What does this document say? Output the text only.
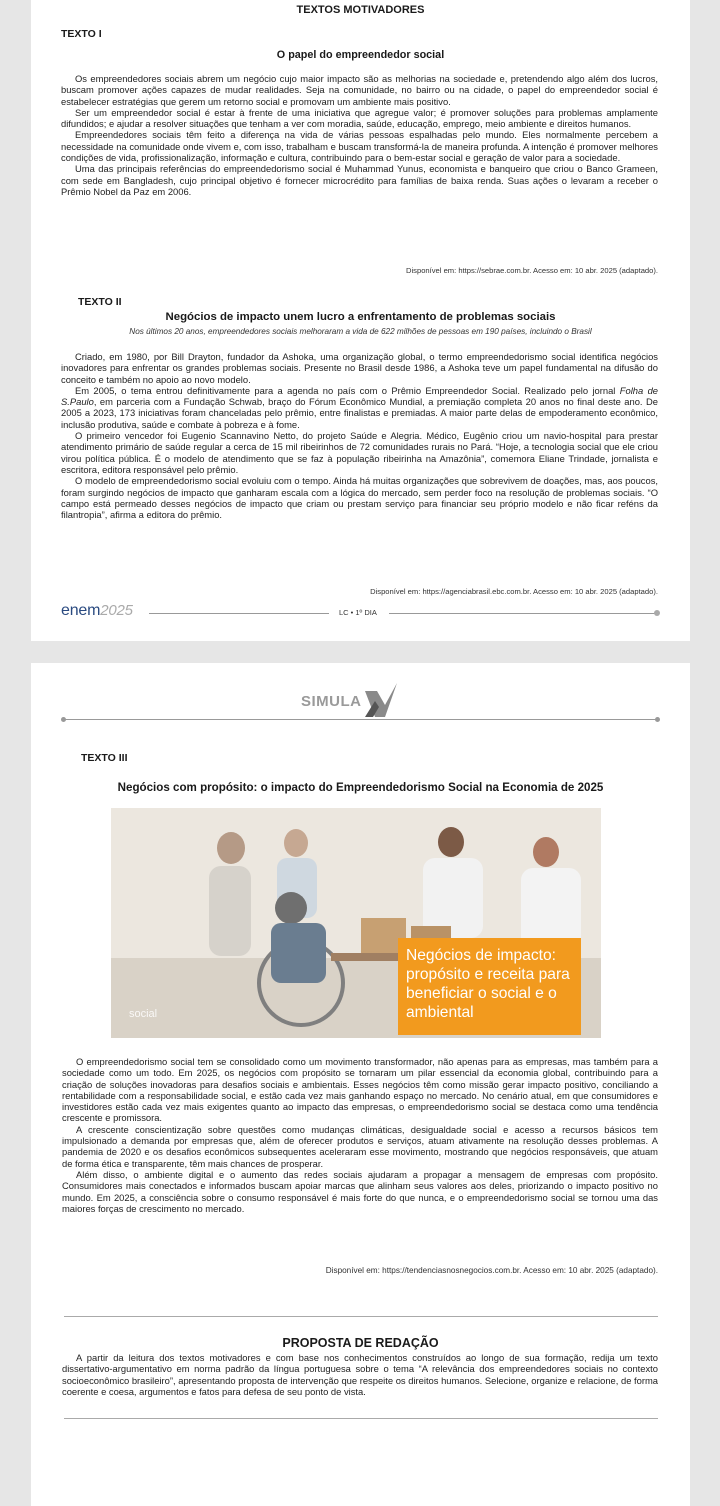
TEXTOS MOTIVADORES
TEXTO I
O papel do empreendedor social

Os empreendedores sociais abrem um negócio cujo maior impacto são as melhorias na sociedade e, pretendendo algo além dos lucros, buscam promover ações capazes de mudar realidades. Seja na comunidade, no bairro ou na cidade, o papel do empreendedor social é estabelecer estratégias que gerem um retorno social e promovam um ambiente mais positivo.

Ser um empreendedor social é estar à frente de uma iniciativa que agregue valor; é promover soluções para problemas amplamente difundidos; e ajudar a resolver situações que tenham a ver com moradia, saúde, educação, emprego, meio ambiente e direitos humanos.

Empreendedores sociais têm feito a diferença na vida de várias pessoas espalhadas pelo mundo. Eles normalmente percebem a necessidade na comunidade onde vivem e, com isso, trabalham e buscam transformá-la de maneira profunda. A intenção é promover melhores condições de vida, profissionalização, informação e cultura, contribuindo para o bem-estar social e geração de valor para a sociedade.

Uma das principais referências do empreendedorismo social é Muhammad Yunus, economista e banqueiro que criou o Banco Grameen, com sede em Bangladesh, cujo principal objetivo é fornecer microcrédito para famílias de baixa renda. Suas ações o levaram a receber o Prêmio Nobel da Paz em 2006.

Disponível em: https://sebrae.com.br. Acesso em: 10 abr. 2025 (adaptado).
TEXTO II
Negócios de impacto unem lucro a enfrentamento de problemas sociais
Nos últimos 20 anos, empreendedores sociais melhoraram a vida de 622 milhões de pessoas em 190 países, incluindo o Brasil

Criado, em 1980, por Bill Drayton, fundador da Ashoka, uma organização global, o termo empreendedorismo social identifica negócios inovadores para enfrentar os grandes problemas sociais. Presente no Brasil desde 1986, a Ashoka teve um papel fundamental na difusão do conceito e também no apoio ao novo modelo.

Em 2005, o tema entrou definitivamente para a agenda no país com o Prêmio Empreendedor Social. Realizado pelo jornal Folha de S.Paulo, em parceria com a Fundação Schwab, braço do Fórum Econômico Mundial, a premiação completa 20 anos no final deste ano. De 2005 a 2023, 173 iniciativas foram chanceladas pelo prêmio, entre finalistas e premiadas. A maior parte delas de empoderamento econômico, inclusão produtiva, saúde e combate à pobreza e à fome.

O primeiro vencedor foi Eugenio Scannavino Netto, do projeto Saúde e Alegria. Médico, Eugênio criou um navio-hospital para prestar atendimento primário de saúde regular a cerca de 15 mil ribeirinhos de 72 comunidades rurais no Pará. “Hoje, a tecnologia social que ele criou virou política pública. É o modelo de atendimento que se faz à população ribeirinha na Amazônia”, comemora Eliane Trindade, jornalista e escritora, editora responsável pelo prêmio.

O modelo de empreendedorismo social evoluiu com o tempo. Ainda há muitas organizações que sobrevivem de doações, mas, aos poucos, foram surgindo negócios de impacto que ganharam escala com a lógica do mercado, sem perder foco na resolução de problemas sociais. “O campo está permeado desses negócios de impacto que criam ou prestam serviço para financiar seu próprio modelo e não ficar reféns da filantropia”, afirma a editora do prêmio.

Disponível em: https://agenciabrasil.ebc.com.br. Acesso em: 10 abr. 2025 (adaptado).
enem2025	LC • 1º DIA
SIMULA
TEXTO III
Negócios com propósito: o impacto do Empreendedorismo Social na Economia de 2025
social
Negócios de impacto: propósito e receita para beneficiar o social e o ambiental

O empreendedorismo social tem se consolidado como um movimento transformador, não apenas para as empresas, mas também para a sociedade como um todo. Em 2025, os negócios com propósito se tornaram um pilar essencial da economia global, contribuindo para a criação de soluções inovadoras para desafios sociais e ambientais. Esses negócios têm como missão gerar impacto positivo, conciliando a rentabilidade com a responsabilidade social, e estão cada vez mais ganhando espaço no mercado. No cenário atual, em que consumidores e investidores estão cada vez mais exigentes quanto ao impacto das empresas, o empreendedorismo social se destaca como uma tendência crescente e promissora.

A crescente conscientização sobre questões como mudanças climáticas, desigualdade social e acesso a recursos básicos tem impulsionado a demanda por empresas que, além de oferecer produtos e serviços, atuam ativamente na resolução desses problemas. A pandemia de 2020 e os desafios econômicos subsequentes aceleraram esse movimento, mostrando que negócios responsáveis, que atuam de forma ética e transparente, têm mais chances de prosperar.

Além disso, o ambiente digital e o aumento das redes sociais ajudaram a propagar a mensagem de empresas com propósito. Consumidores mais conectados e informados buscam apoiar marcas que alinham seus valores aos deles, priorizando o impacto positivo no mundo. Em 2025, a consciência sobre o consumo responsável é mais forte do que nunca, e o empreendedorismo social se tornou uma das maiores forças de crescimento no mercado.

Disponível em: https://tendenciasnosnegocios.com.br. Acesso em: 10 abr. 2025 (adaptado).
PROPOSTA DE REDAÇÃO

A partir da leitura dos textos motivadores e com base nos conhecimentos construídos ao longo de sua formação, redija um texto dissertativo-argumentativo em norma padrão da língua portuguesa sobre o tema “A relevância dos empreendedores sociais no contexto socioeconômico brasileiro”, apresentando proposta de intervenção que respeite os direitos humanos. Selecione, organize e relacione, de forma coerente e coesa, argumentos e fatos para defesa de seu ponto de vista.
